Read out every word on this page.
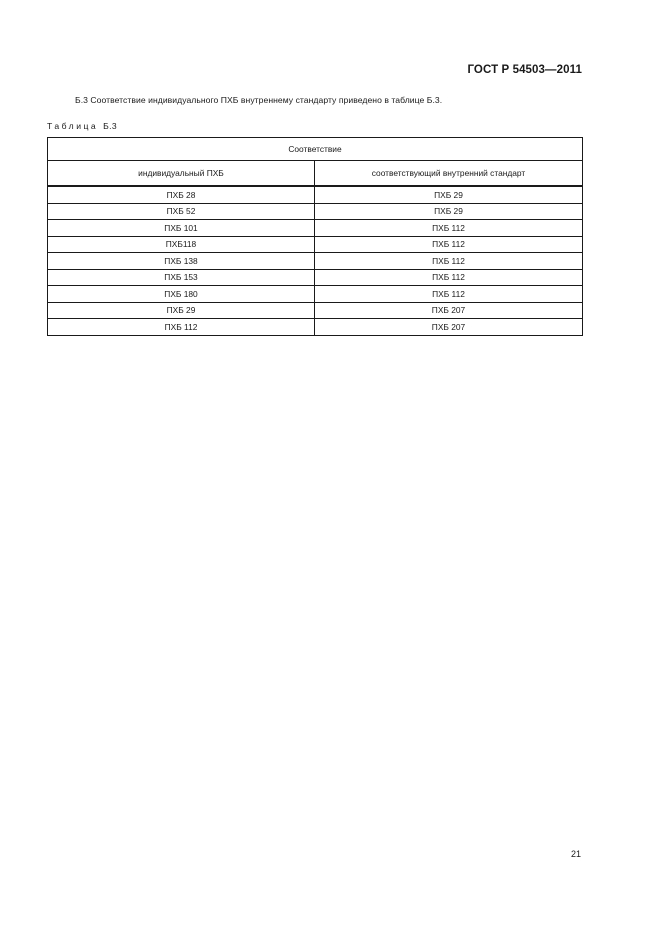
ГОСТ Р 54503—2011
Б.3 Соответствие индивидуального ПХБ внутреннему стандарту приведено в таблице Б.3.
Таблица Б.3
Соответствие	
индивидуальный ПХБ	соответствующий внутренний стандарт
ПХБ 28	ПХБ 29
ПХБ 52	ПХБ 29
ПХБ 101	ПХБ 112
ПХБ118	ПХБ 112
ПХБ 138	ПХБ 112
ПХБ 153	ПХБ 112
ПХБ 180	ПХБ 112
ПХБ 29	ПХБ 207
ПХБ 112	ПХБ 207
21
